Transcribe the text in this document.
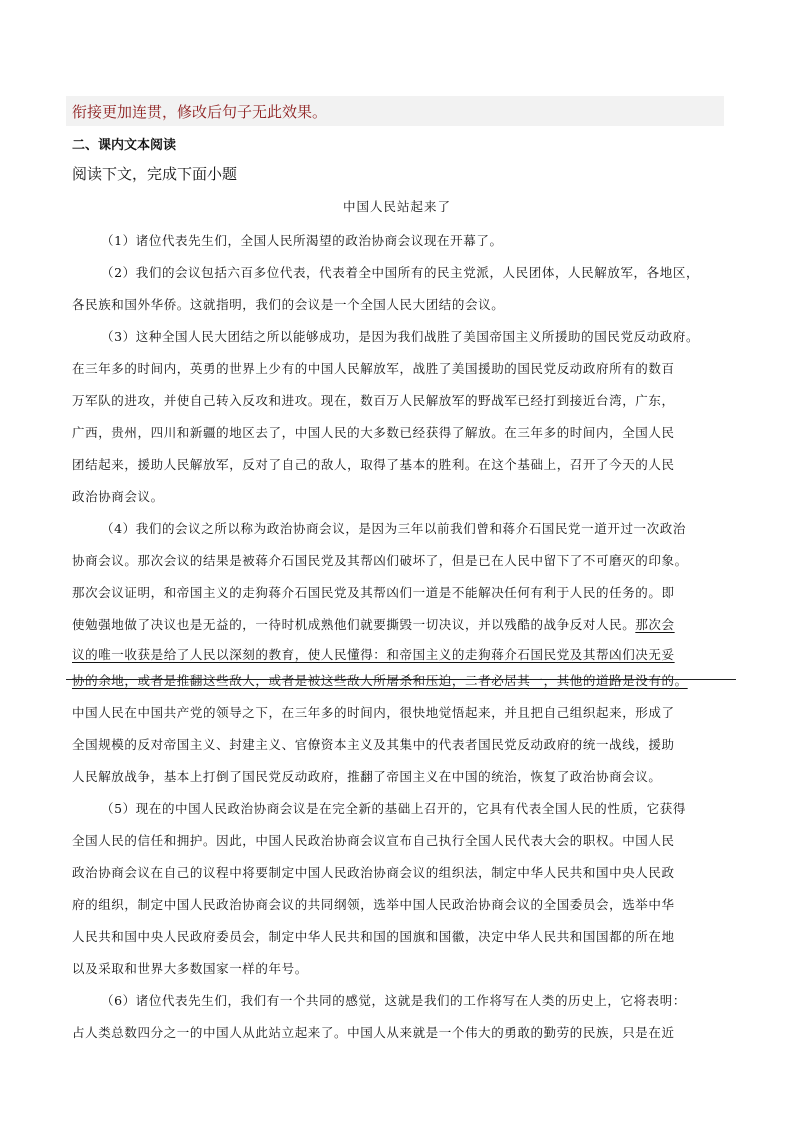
衔接更加连贯，修改后句子无此效果。
二、课内文本阅读
阅读下文，完成下面小题
中国人民站起来了
（1）诸位代表先生们，全国人民所渴望的政治协商会议现在开幕了。
（2）我们的会议包括六百多位代表，代表着全中国所有的民主党派，人民团体，人民解放军，各地区，
各民族和国外华侨。这就指明，我们的会议是一个全国人民大团结的会议。
（3）这种全国人民大团结之所以能够成功，是因为我们战胜了美国帝国主义所援助的国民党反动政府。
在三年多的时间内，英勇的世界上少有的中国人民解放军，战胜了美国援助的国民党反动政府所有的数百
万军队的进攻，并使自己转入反攻和进攻。现在，数百万人民解放军的野战军已经打到接近台湾，广东，
广西，贵州，四川和新疆的地区去了，中国人民的大多数已经获得了解放。在三年多的时间内，全国人民
团结起来，援助人民解放军，反对了自己的敌人，取得了基本的胜利。在这个基础上，召开了今天的人民
政治协商会议。
（4）我们的会议之所以称为政治协商会议，是因为三年以前我们曾和蒋介石国民党一道开过一次政治
协商会议。那次会议的结果是被蒋介石国民党及其帮凶们破坏了，但是已在人民中留下了不可磨灭的印象。
那次会议证明，和帝国主义的走狗蒋介石国民党及其帮凶们一道是不能解决任何有利于人民的任务的。即
使勉强地做了决议也是无益的，一待时机成熟他们就要撕毁一切决议，并以残酷的战争反对人民。那次会
议的唯一收获是给了人民以深刻的教育，使人民懂得：和帝国主义的走狗蒋介石国民党及其帮凶们决无妥
协的余地，或者是推翻这些敌人，或者是被这些敌人所屠杀和压迫，二者必居其一，其他的道路是没有的。
中国人民在中国共产党的领导之下，在三年多的时间内，很快地觉悟起来，并且把自己组织起来，形成了
全国规模的反对帝国主义、封建主义、官僚资本主义及其集中的代表者国民党反动政府的统一战线，援助
人民解放战争，基本上打倒了国民党反动政府，推翻了帝国主义在中国的统治，恢复了政治协商会议。
（5）现在的中国人民政治协商会议是在完全新的基础上召开的，它具有代表全国人民的性质，它获得
全国人民的信任和拥护。因此，中国人民政治协商会议宣布自己执行全国人民代表大会的职权。中国人民
政治协商会议在自己的议程中将要制定中国人民政治协商会议的组织法，制定中华人民共和国中央人民政
府的组织，制定中国人民政治协商会议的共同纲领，选举中国人民政治协商会议的全国委员会，选举中华
人民共和国中央人民政府委员会，制定中华人民共和国的国旗和国徽，决定中华人民共和国国都的所在地
以及采取和世界大多数国家一样的年号。
（6）诸位代表先生们，我们有一个共同的感觉，这就是我们的工作将写在人类的历史上，它将表明：
占人类总数四分之一的中国人从此站立起来了。中国人从来就是一个伟大的勇敢的勤劳的民族，只是在近
